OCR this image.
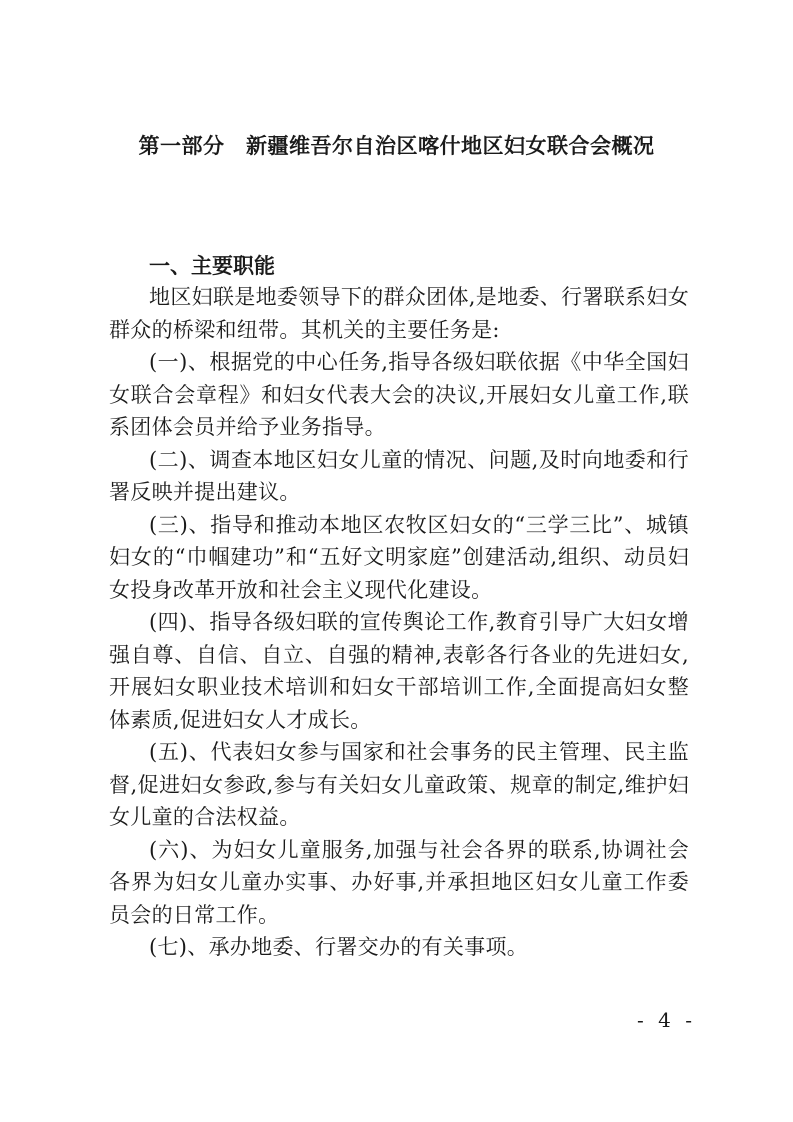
第一部分　新疆维吾尔自治区喀什地区妇女联合会概况
一、主要职能

地区妇联是地委领导下的群众团体,是地委、行署联系妇女群众的桥梁和纽带。其机关的主要任务是:

(一)、根据党的中心任务,指导各级妇联依据《中华全国妇女联合会章程》和妇女代表大会的决议,开展妇女儿童工作,联系团体会员并给予业务指导。

(二)、调查本地区妇女儿童的情况、问题,及时向地委和行署反映并提出建议。

(三)、指导和推动本地区农牧区妇女的“三学三比”、城镇妇女的“巾帼建功”和“五好文明家庭”创建活动,组织、动员妇女投身改革开放和社会主义现代化建设。

(四)、指导各级妇联的宣传舆论工作,教育引导广大妇女增强自尊、自信、自立、自强的精神,表彰各行各业的先进妇女,开展妇女职业技术培训和妇女干部培训工作,全面提高妇女整体素质,促进妇女人才成长。

(五)、代表妇女参与国家和社会事务的民主管理、民主监督,促进妇女参政,参与有关妇女儿童政策、规章的制定,维护妇女儿童的合法权益。

(六)、为妇女儿童服务,加强与社会各界的联系,协调社会各界为妇女儿童办实事、办好事,并承担地区妇女儿童工作委员会的日常工作。

(七)、承办地委、行署交办的有关事项。

- 4 -
